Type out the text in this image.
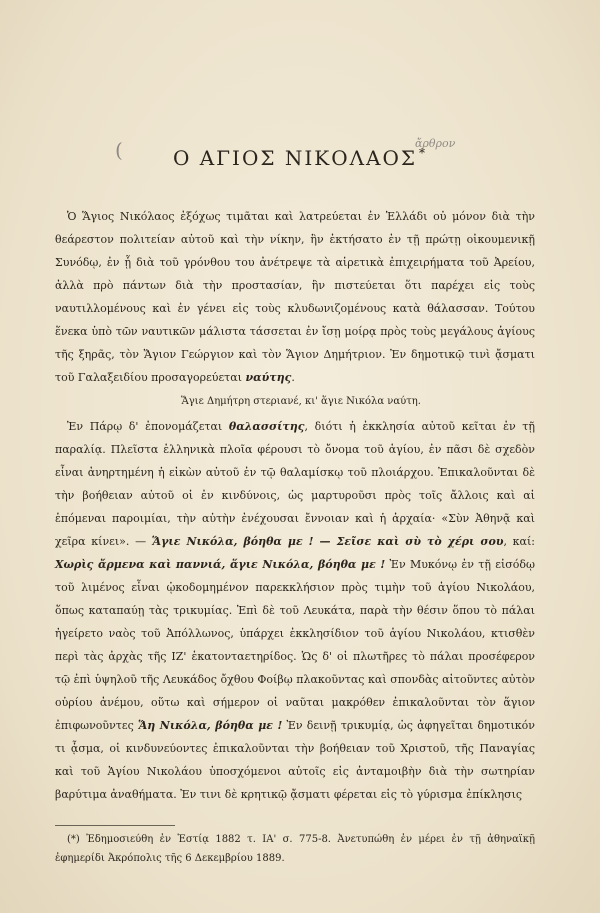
(	Ο ΑΓΙΟΣ ΝΙΚΟΛΑΟΣ *
ἄρθρον

Ὁ Ἅγιος Νικόλαος ἐξόχως τιμᾶται καὶ λατρεύεται ἐν Ἑλλάδι οὐ μόνον διὰ τὴν θεάρεστον πολιτείαν αὐτοῦ καὶ τὴν νίκην, ἣν ἐκτήσατο ἐν τῇ πρώτῃ οἰκουμενικῇ Συνόδῳ, ἐν ᾗ διὰ τοῦ γρόνθου του ἀνέτρεψε τὰ αἱρετικὰ ἐπιχειρήματα τοῦ Ἀρείου, ἀλλὰ πρὸ πάντων διὰ τὴν προστασίαν, ἣν πιστεύεται ὅτι παρέχει εἰς τοὺς ναυτιλλομένους καὶ ἐν γένει εἰς τοὺς κλυδωνιζομένους κατὰ θάλασσαν. Τούτου ἕνεκα ὑπὸ τῶν ναυτικῶν μάλιστα τάσσεται ἐν ἴσῃ μοίρᾳ πρὸς τοὺς μεγάλους ἁγίους τῆς ξηρᾶς, τὸν Ἅγιον Γεώργιον καὶ τὸν Ἅγιον Δημήτριον. Ἐν δημοτικῷ τινὶ ᾄσματι τοῦ Γαλαξειδίου προσαγορεύεται ναύτης.

Ἅγιε Δημήτρη στεριανέ, κι' ἅγιε Νικόλα ναύτη.

Ἐν Πάρῳ δ' ἐπονομάζεται θαλασσίτης, διότι ἡ ἐκκλησία αὐτοῦ κεῖται ἐν τῇ παραλίᾳ. Πλεῖστα ἑλληνικὰ πλοῖα φέρουσι τὸ ὄνομα τοῦ ἁγίου, ἐν πᾶσι δὲ σχεδὸν εἶναι ἀνηρτημένη ἡ εἰκὼν αὐτοῦ ἐν τῷ θαλαμίσκῳ τοῦ πλοιάρχου. Ἐπικαλοῦνται δὲ τὴν βοήθειαν αὐτοῦ οἱ ἐν κινδύνοις, ὡς μαρτυροῦσι πρὸς τοῖς ἄλλοις καὶ αἱ ἑπόμεναι παροιμίαι, τὴν αὐτὴν ἐνέχουσαι ἔννοιαν καὶ ἡ ἀρχαία· «Σὺν Ἀθηνᾷ καὶ χεῖρα κίνει». — Ἅγιε Νικόλα, βόηθα με ! — Σεῖσε καὶ σὺ τὸ χέρι σου, καί: Χωρὶς ἄρμενα καὶ παννιά, ἅγιε Νικόλα, βόηθα με ! Ἐν Μυκόνῳ ἐν τῇ εἰσόδῳ τοῦ λιμένος εἶναι ᾠκοδομημένον παρεκκλήσιον πρὸς τιμὴν τοῦ ἁγίου Νικολάου, ὅπως καταπαύῃ τὰς τρικυμίας. Ἐπὶ δὲ τοῦ Λευκάτα, παρὰ τὴν θέσιν ὅπου τὸ πάλαι ἠγείρετο ναὸς τοῦ Ἀπόλλωνος, ὑπάρχει ἐκκλησίδιον τοῦ ἁγίου Νικολάου, κτισθὲν περὶ τὰς ἀρχὰς τῆς ΙΖ' ἑκατονταετηρίδος. Ὡς δ' οἱ πλωτῆρες τὸ πάλαι προσέφερον τῷ ἐπὶ ὑψηλοῦ τῆς Λευκάδος ὄχθου Φοίβῳ πλακοῦντας καὶ σπονδὰς αἰτοῦντες αὐτὸν οὐρίου ἀνέμου, οὕτω καὶ σήμερον οἱ ναῦται μακρόθεν ἐπικαλοῦνται τὸν ἅγιον ἐπιφωνοῦντες Ἅη Νικόλα, βόηθα με ! Ἐν δεινῇ τρικυμίᾳ, ὡς ἀφηγεῖται δημοτικόν τι ᾆσμα, οἱ κινδυνεύοντες ἐπικαλοῦνται τὴν βοήθειαν τοῦ Χριστοῦ, τῆς Παναγίας καὶ τοῦ Ἁγίου Νικολάου ὑποσχόμενοι αὐτοῖς εἰς ἀνταμοιβὴν διὰ τὴν σωτηρίαν βαρύτιμα ἀναθήματα. Ἐν τινι δὲ κρητικῷ ᾄσματι φέρεται εἰς τὸ γύρισμα ἐπίκλησις

(*) Ἐδημοσιεύθη ἐν Ἑστίᾳ 1882 τ. ΙΑ' σ. 775-8. Ἀνετυπώθη ἐν μέρει ἐν τῇ ἀθηναϊκῇ ἐφημερίδι Ἀκρόπολις τῆς 6 Δεκεμβρίου 1889.
